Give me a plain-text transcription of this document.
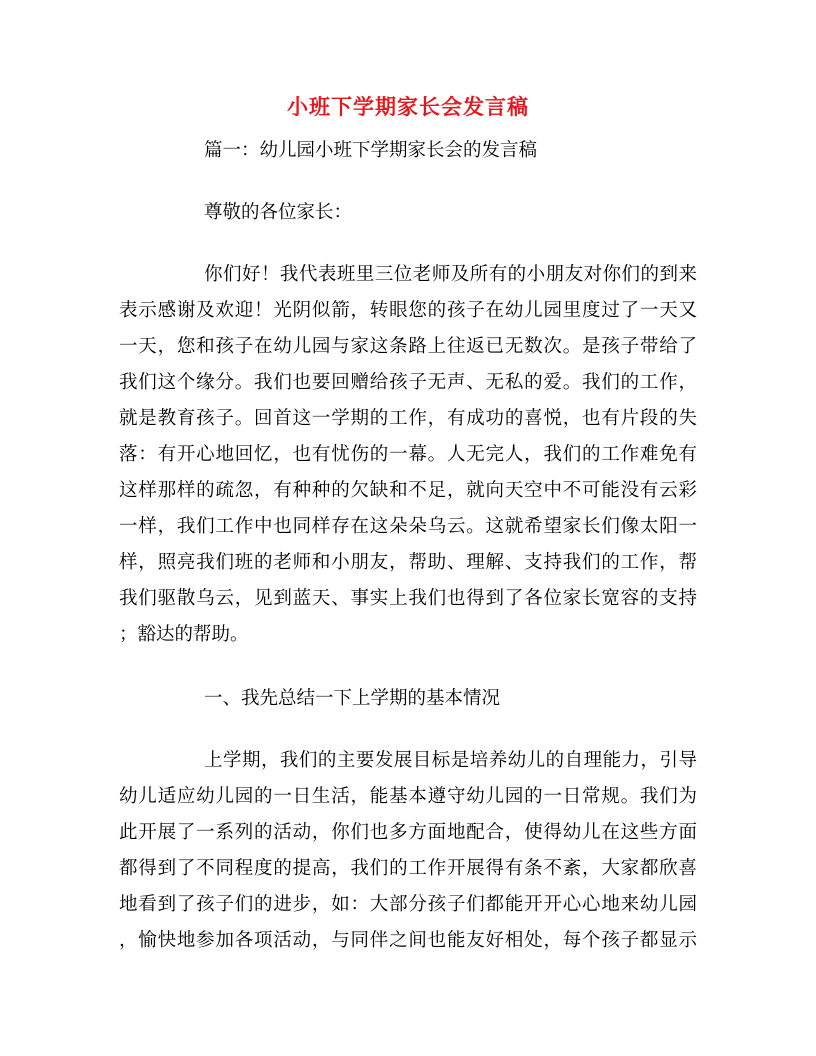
小班下学期家长会发言稿
篇一：幼儿园小班下学期家长会的发言稿
尊敬的各位家长：
你们好！我代表班里三位老师及所有的小朋友对你们的到来
表示感谢及欢迎！光阴似箭，转眼您的孩子在幼儿园里度过了一天又
一天，您和孩子在幼儿园与家这条路上往返已无数次。是孩子带给了
我们这个缘分。我们也要回赠给孩子无声、无私的爱。我们的工作，
就是教育孩子。回首这一学期的工作，有成功的喜悦，也有片段的失
落：有开心地回忆，也有忧伤的一幕。人无完人，我们的工作难免有
这样那样的疏忽，有种种的欠缺和不足，就向天空中不可能没有云彩
一样，我们工作中也同样存在这朵朵乌云。这就希望家长们像太阳一
样，照亮我们班的老师和小朋友，帮助、理解、支持我们的工作，帮
我们驱散乌云，见到蓝天、事实上我们也得到了各位家长宽容的支持
；豁达的帮助。
一、我先总结一下上学期的基本情况
上学期，我们的主要发展目标是培养幼儿的自理能力，引导
幼儿适应幼儿园的一日生活，能基本遵守幼儿园的一日常规。我们为
此开展了一系列的活动，你们也多方面地配合，使得幼儿在这些方面
都得到了不同程度的提高，我们的工作开展得有条不紊，大家都欣喜
地看到了孩子们的进步，如：大部分孩子们都能开开心心地来幼儿园
，愉快地参加各项活动，与同伴之间也能友好相处，每个孩子都显示
